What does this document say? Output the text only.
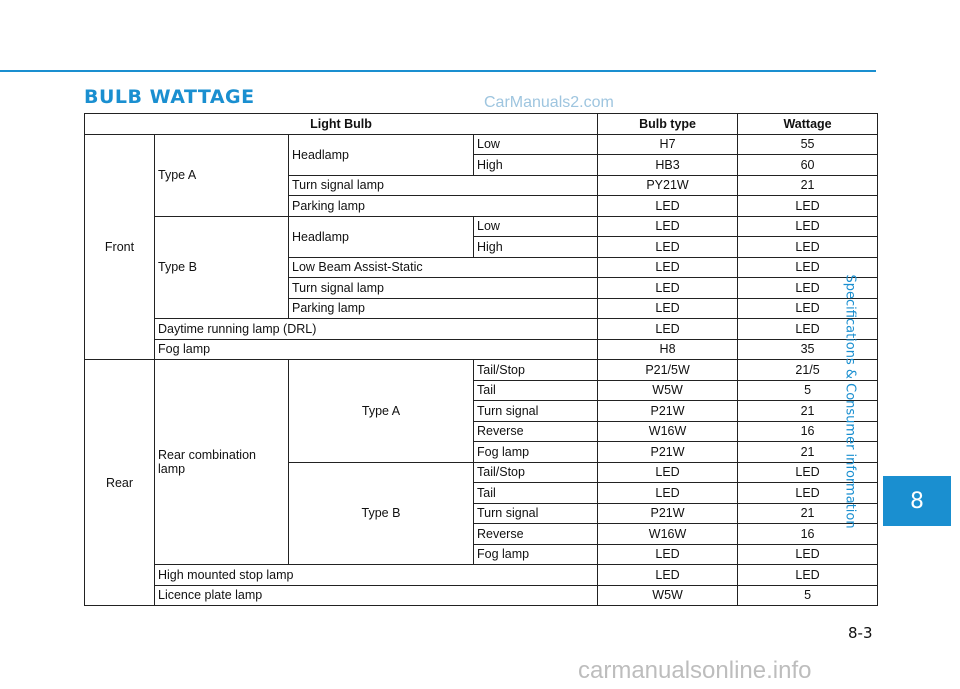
BULB WATTAGE	CarManuals2.com
Light Bulb				Bulb type	Wattage
Front	Type A	Headlamp	Low	H7	55
			High	HB3	60
		Turn signal lamp		PY21W	21
		Parking lamp		LED	LED
	Type B	Headlamp	Low	LED	LED
			High	LED	LED
		Low Beam Assist-Static		LED	LED
		Turn signal lamp		LED	LED
		Parking lamp		LED	LED
	Daytime running lamp (DRL)			LED	LED
	Fog lamp			H8	35
Rear	Rear combination lamp	Type A	Tail/Stop	P21/5W	21/5
			Tail	W5W	5
			Turn signal	P21W	21
			Reverse	W16W	16
			Fog lamp	P21W	21
		Type B	Tail/Stop	LED	LED
			Tail	LED	LED
			Turn signal	P21W	21
			Reverse	W16W	16
			Fog lamp	LED	LED
	High mounted stop lamp			LED	LED
	Licence plate lamp			W5W	5
Specifications & Consumer information 8
8-3
carmanualsonline.info
